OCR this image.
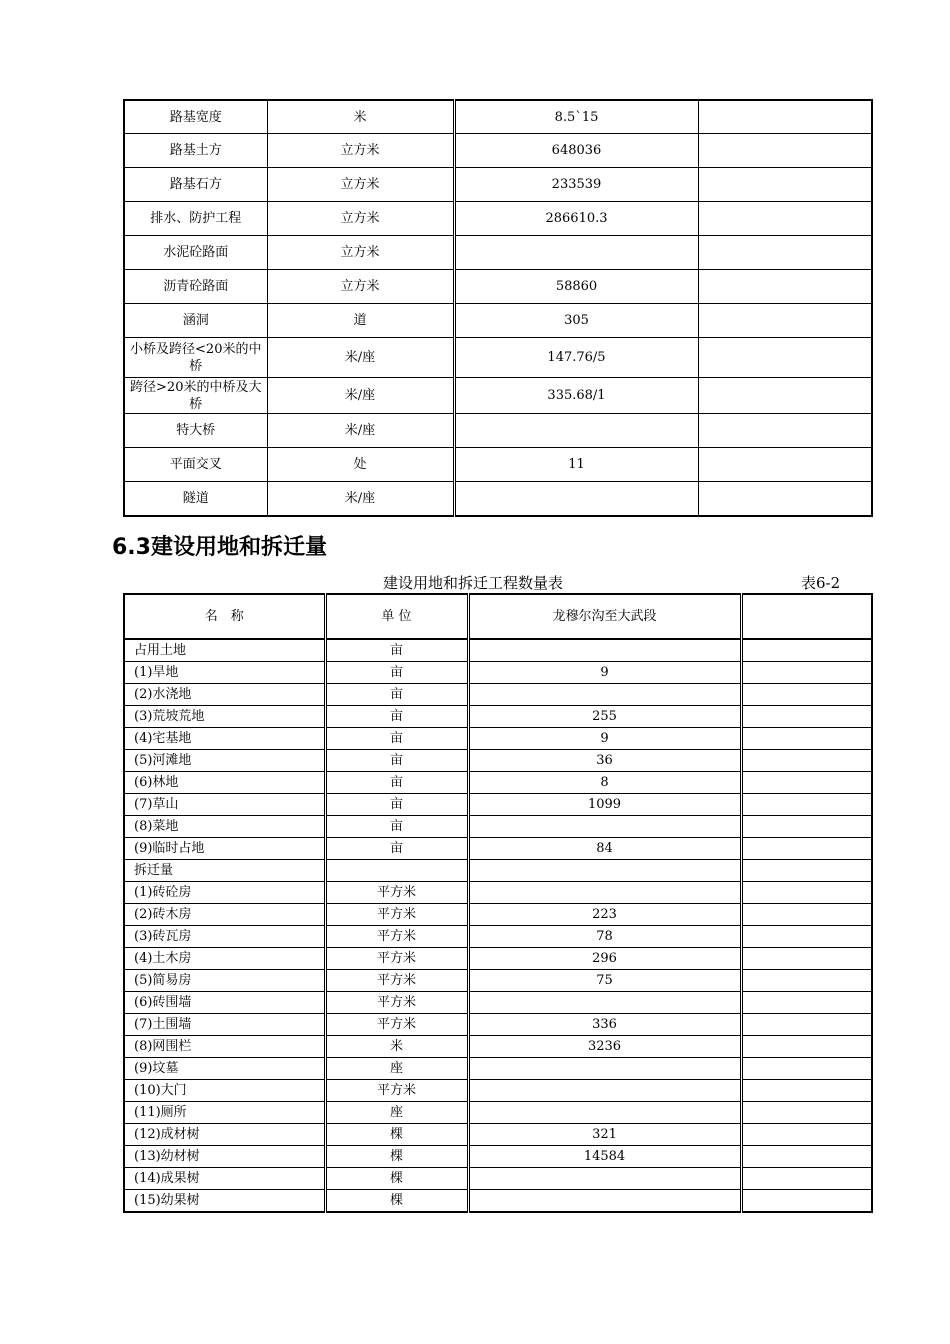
路基宽度	米	8.5`15	
路基土方	立方米	648036	
路基石方	立方米	233539	
排水、防护工程	立方米	286610.3	
水泥砼路面	立方米		
沥青砼路面	立方米	58860	
涵洞	道	305	
小桥及跨径<20米的中桥	米/座	147.76/5	
跨径>20米的中桥及大桥	米/座	335.68/1	
特大桥	米/座		
平面交叉	处	11	
隧道	米/座		
6.3建设用地和拆迁量
建设用地和拆迁工程数量表	表6-2
名　称	单 位	龙穆尔沟至大武段	
占用土地	亩		
(1)旱地	亩	9	
(2)水浇地	亩		
(3)荒坡荒地	亩	255	
(4)宅基地	亩	9	
(5)河滩地	亩	36	
(6)林地	亩	8	
(7)草山	亩	1099	
(8)菜地	亩		
(9)临时占地	亩	84	
拆迁量			
(1)砖砼房	平方米		
(2)砖木房	平方米	223	
(3)砖瓦房	平方米	78	
(4)土木房	平方米	296	
(5)简易房	平方米	75	
(6)砖围墙	平方米		
(7)土围墙	平方米	336	
(8)网围栏	米	3236	
(9)坟墓	座		
(10)大门	平方米		
(11)厕所	座		
(12)成材树	棵	321	
(13)幼材树	棵	14584	
(14)成果树	棵		
(15)幼果树	棵		
